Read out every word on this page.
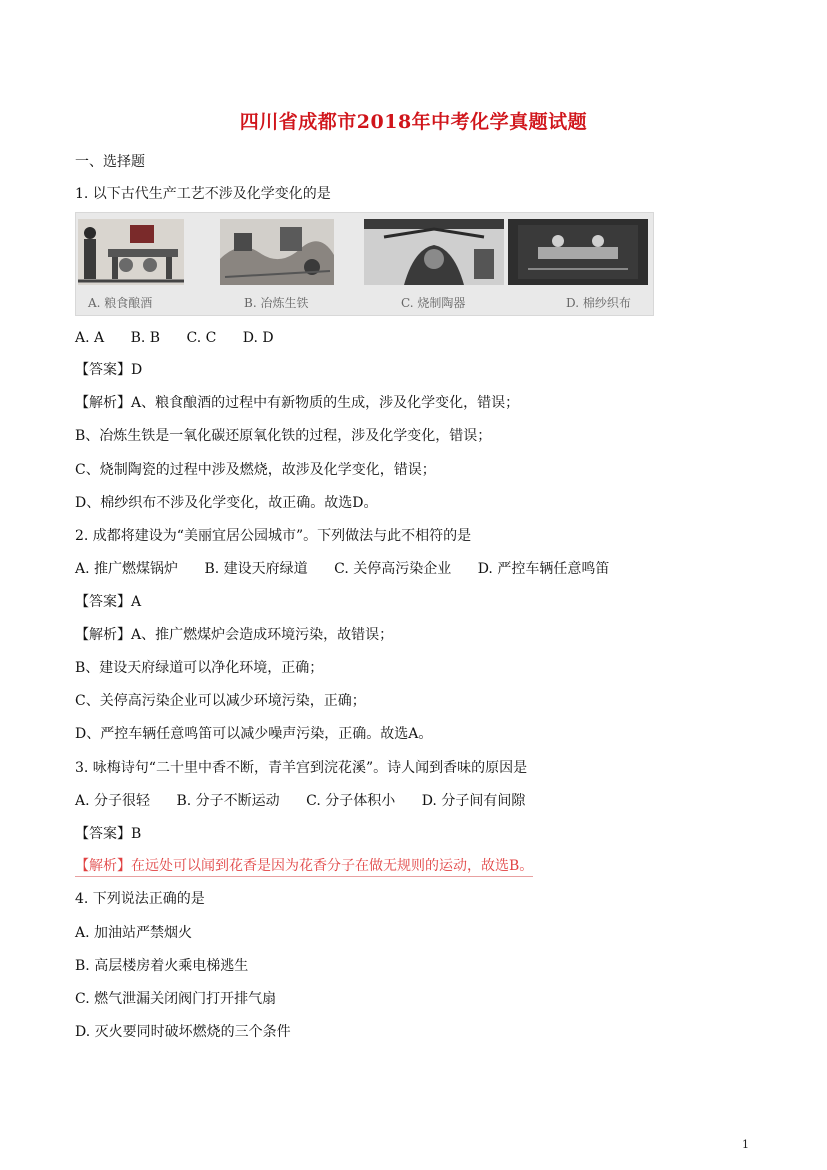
四川省成都市2018年中考化学真题试题
一、选择题
1. 以下古代生产工艺不涉及化学变化的是
A. 粮食酿酒	B. 冶炼生铁	C. 烧制陶器	D. 棉纱织布
A. A B. B C. C D. D
【答案】D
【解析】A、粮食酿酒的过程中有新物质的生成，涉及化学变化，错误；
B、冶炼生铁是一氧化碳还原氧化铁的过程，涉及化学变化，错误；
C、烧制陶瓷的过程中涉及燃烧，故涉及化学变化，错误；
D、棉纱织布不涉及化学变化，故正确。故选D。
2. 成都将建设为“美丽宜居公园城市”。下列做法与此不相符的是
A. 推广燃煤锅炉 B. 建设天府绿道 C. 关停高污染企业 D. 严控车辆任意鸣笛
【答案】A
【解析】A、推广燃煤炉会造成环境污染，故错误；
B、建设天府绿道可以净化环境，正确；
C、关停高污染企业可以减少环境污染，正确；
D、严控车辆任意鸣笛可以减少噪声污染，正确。故选A。
3. 咏梅诗句“二十里中香不断，青羊宫到浣花溪”。诗人闻到香味的原因是
A. 分子很轻 B. 分子不断运动 C. 分子体积小 D. 分子间有间隙
【答案】B
【解析】在远处可以闻到花香是因为花香分子在做无规则的运动，故选B。
4. 下列说法正确的是
A. 加油站严禁烟火
B. 高层楼房着火乘电梯逃生
C. 燃气泄漏关闭阀门打开排气扇
D. 灭火要同时破坏燃烧的三个条件
1
